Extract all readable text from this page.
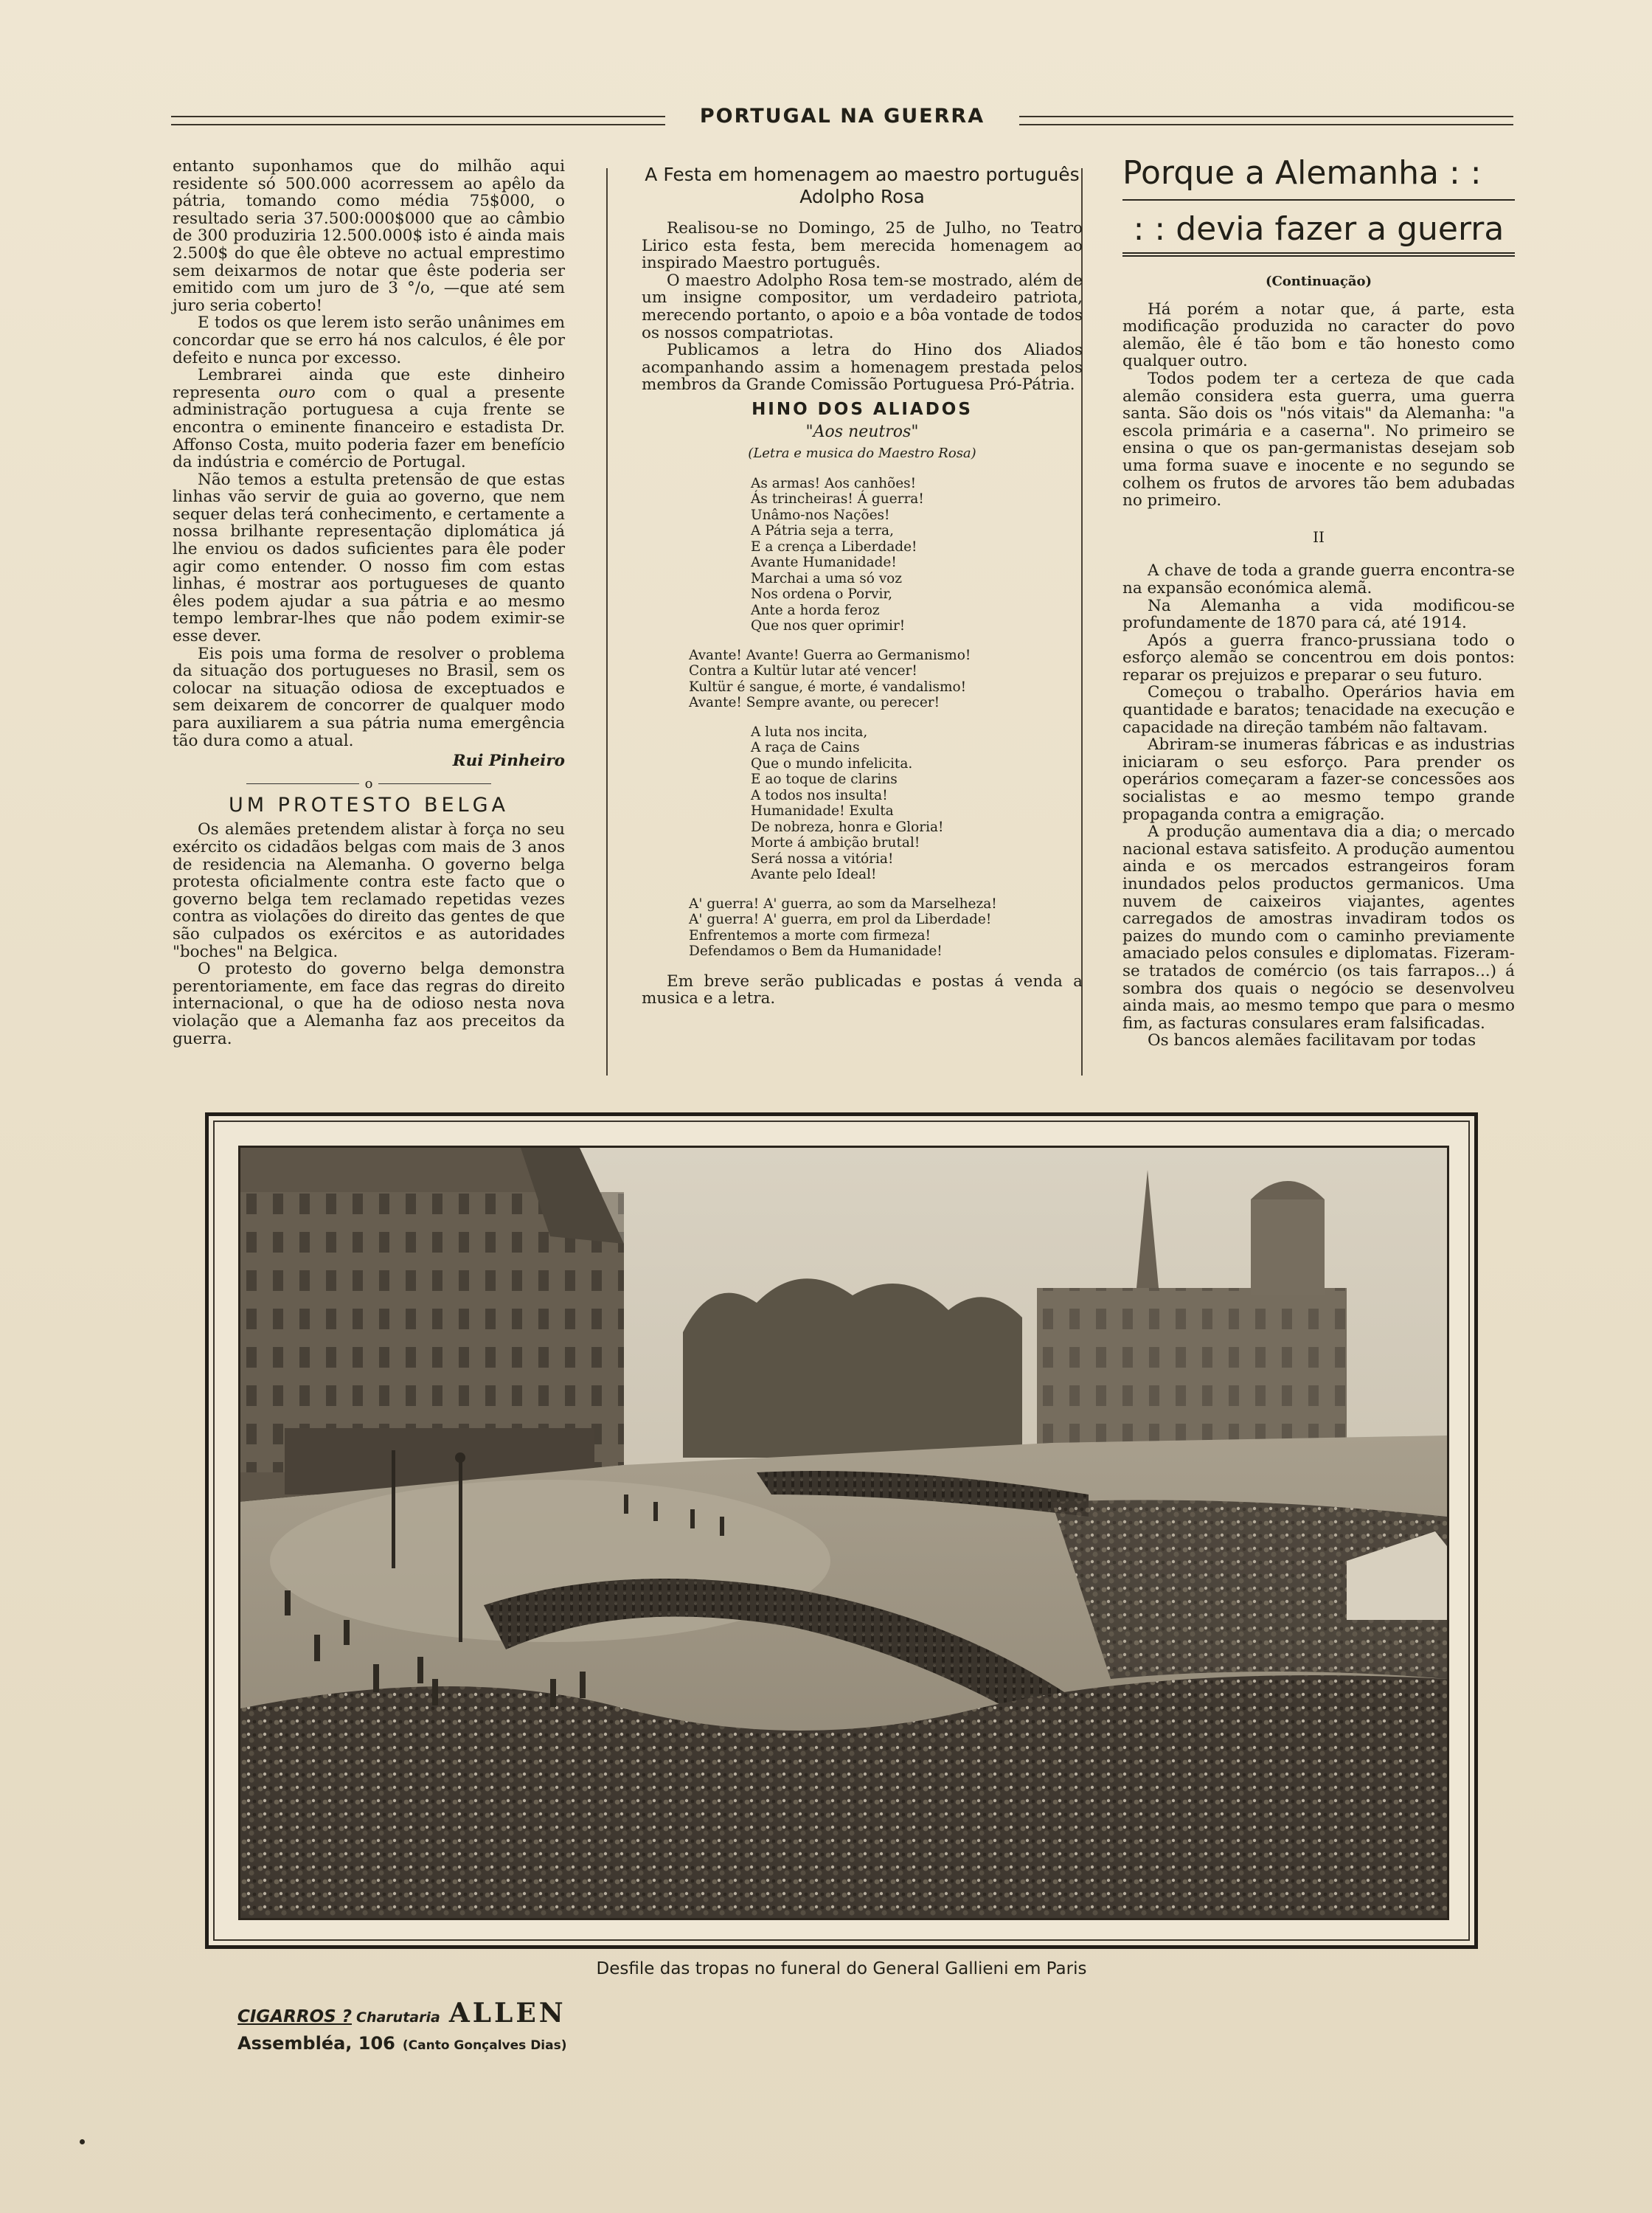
PORTUGAL NA GUERRA

entanto suponhamos que do milhão aqui residente só 500.000 acorressem ao apêlo da pátria, tomando como média 75$000, o resultado seria 37.500:000$000 que ao câmbio de 300 produziria 12.500.000$ isto é ainda mais 2.500$ do que êle obteve no actual emprestimo sem deixarmos de notar que êste poderia ser emitido com um juro de 3 °/o, —que até sem juro seria coberto!

E todos os que lerem isto serão unânimes em concordar que se erro há nos calculos, é êle por defeito e nunca por excesso.

Lembrarei ainda que este dinheiro representa ouro com o qual a presente administração portuguesa a cuja frente se encontra o eminente financeiro e estadista Dr. Affonso Costa, muito poderia fazer em benefício da indústria e comércio de Portugal.

Não temos a estulta pretensão de que estas linhas vão servir de guia ao governo, que nem sequer delas terá conhecimento, e certamente a nossa brilhante representação diplomática já lhe enviou os dados suficientes para êle poder agir como entender. O nosso fim com estas linhas, é mostrar aos portugueses de quanto êles podem ajudar a sua pátria e ao mesmo tempo lembrar-lhes que não podem eximir-se esse dever.

Eis pois uma forma de resolver o problema da situação dos portugueses no Brasil, sem os colocar na situação odiosa de exceptuados e sem deixarem de concorrer de qualquer modo para auxiliarem a sua pátria numa emergência tão dura como a atual.

Rui Pinheiro
o
UM PROTESTO BELGA

Os alemães pretendem alistar à força no seu exército os cidadãos belgas com mais de 3 anos de residencia na Alemanha. O governo belga protesta oficialmente contra este facto que o governo belga tem reclamado repetidas vezes contra as violações do direito das gentes de que são culpados os exércitos e as autoridades "boches" na Belgica.

O protesto do governo belga demonstra perentoriamente, em face das regras do direito internacional, o que ha de odioso nesta nova violação que a Alemanha faz aos preceitos da guerra.

A Festa em homenagem ao maestro português Adolpho Rosa

Realisou-se no Domingo, 25 de Julho, no Teatro Lirico esta festa, bem merecida homenagem ao inspirado Maestro português.

O maestro Adolpho Rosa tem-se mostrado, além de um insigne compositor, um verdadeiro patriota, merecendo portanto, o apoio e a bôa vontade de todos os nossos compatriotas.

Publicamos a letra do Hino dos Aliados acompanhando assim a homenagem prestada pelos membros da Grande Comissão Portuguesa Pró-Pátria.

HINO DOS ALIADOS
"Aos neutros"
(Letra e musica do Maestro Rosa)
As armas! Aos canhões!
Ás trincheiras! Á guerra!
Unâmo-nos Nações!
A Pátria seja a terra,
E a crença a Liberdade!
Avante Humanidade!
Marchai a uma só voz
Nos ordena o Porvir,
Ante a horda feroz
Que nos quer oprimir!
Avante! Avante! Guerra ao Germanismo!
Contra a Kultür lutar até vencer!
Kultür é sangue, é morte, é vandalismo!
Avante! Sempre avante, ou perecer!
A luta nos incita,
A raça de Cains
Que o mundo infelicita.
E ao toque de clarins
A todos nos insulta!
Humanidade! Exulta
De nobreza, honra e Gloria!
Morte á ambição brutal!
Será nossa a vitória!
Avante pelo Ideal!
A' guerra! A' guerra, ao som da Marselheza!
A' guerra! A' guerra, em prol da Liberdade!
Enfrentemos a morte com firmeza!
Defendamos o Bem da Humanidade!

Em breve serão publicadas e postas á venda a musica e a letra.

Porque a Alemanha : :
: : devia fazer a guerra
(Continuação)

Há porém a notar que, á parte, esta modificação produzida no caracter do povo alemão, êle é tão bom e tão honesto como qualquer outro.

Todos podem ter a certeza de que cada alemão considera esta guerra, uma guerra santa. São dois os "nós vitais" da Alemanha: "a escola primária e a caserna". No primeiro se ensina o que os pan-germanistas desejam sob uma forma suave e inocente e no segundo se colhem os frutos de arvores tão bem adubadas no primeiro.

II

A chave de toda a grande guerra encontra-se na expansão económica alemã.

Na Alemanha a vida modificou-se profundamente de 1870 para cá, até 1914.

Após a guerra franco-prussiana todo o esforço alemão se concentrou em dois pontos: reparar os prejuizos e preparar o seu futuro.

Começou o trabalho. Operários havia em quantidade e baratos; tenacidade na execução e capacidade na direção também não faltavam.

Abriram-se inumeras fábricas e as industrias iniciaram o seu esforço. Para prender os operários começaram a fazer-se concessões aos socialistas e ao mesmo tempo grande propaganda contra a emigração.

A produção aumentava dia a dia; o mercado nacional estava satisfeito. A produção aumentou ainda e os mercados estrangeiros foram inundados pelos productos germanicos. Uma nuvem de caixeiros viajantes, agentes carregados de amostras invadiram todos os paizes do mundo com o caminho previamente amaciado pelos consules e diplomatas. Fizeram-se tratados de comércio (os tais farrapos...) á sombra dos quais o negócio se desenvolveu ainda mais, ao mesmo tempo que para o mesmo fim, as facturas consulares eram falsificadas.

Os bancos alemães facilitavam por todas

Desfile das tropas no funeral do General Gallieni em Paris
CIGARROS ? Charutaria ALLEN
Assembléa, 106 (Canto Gonçalves Dias)
